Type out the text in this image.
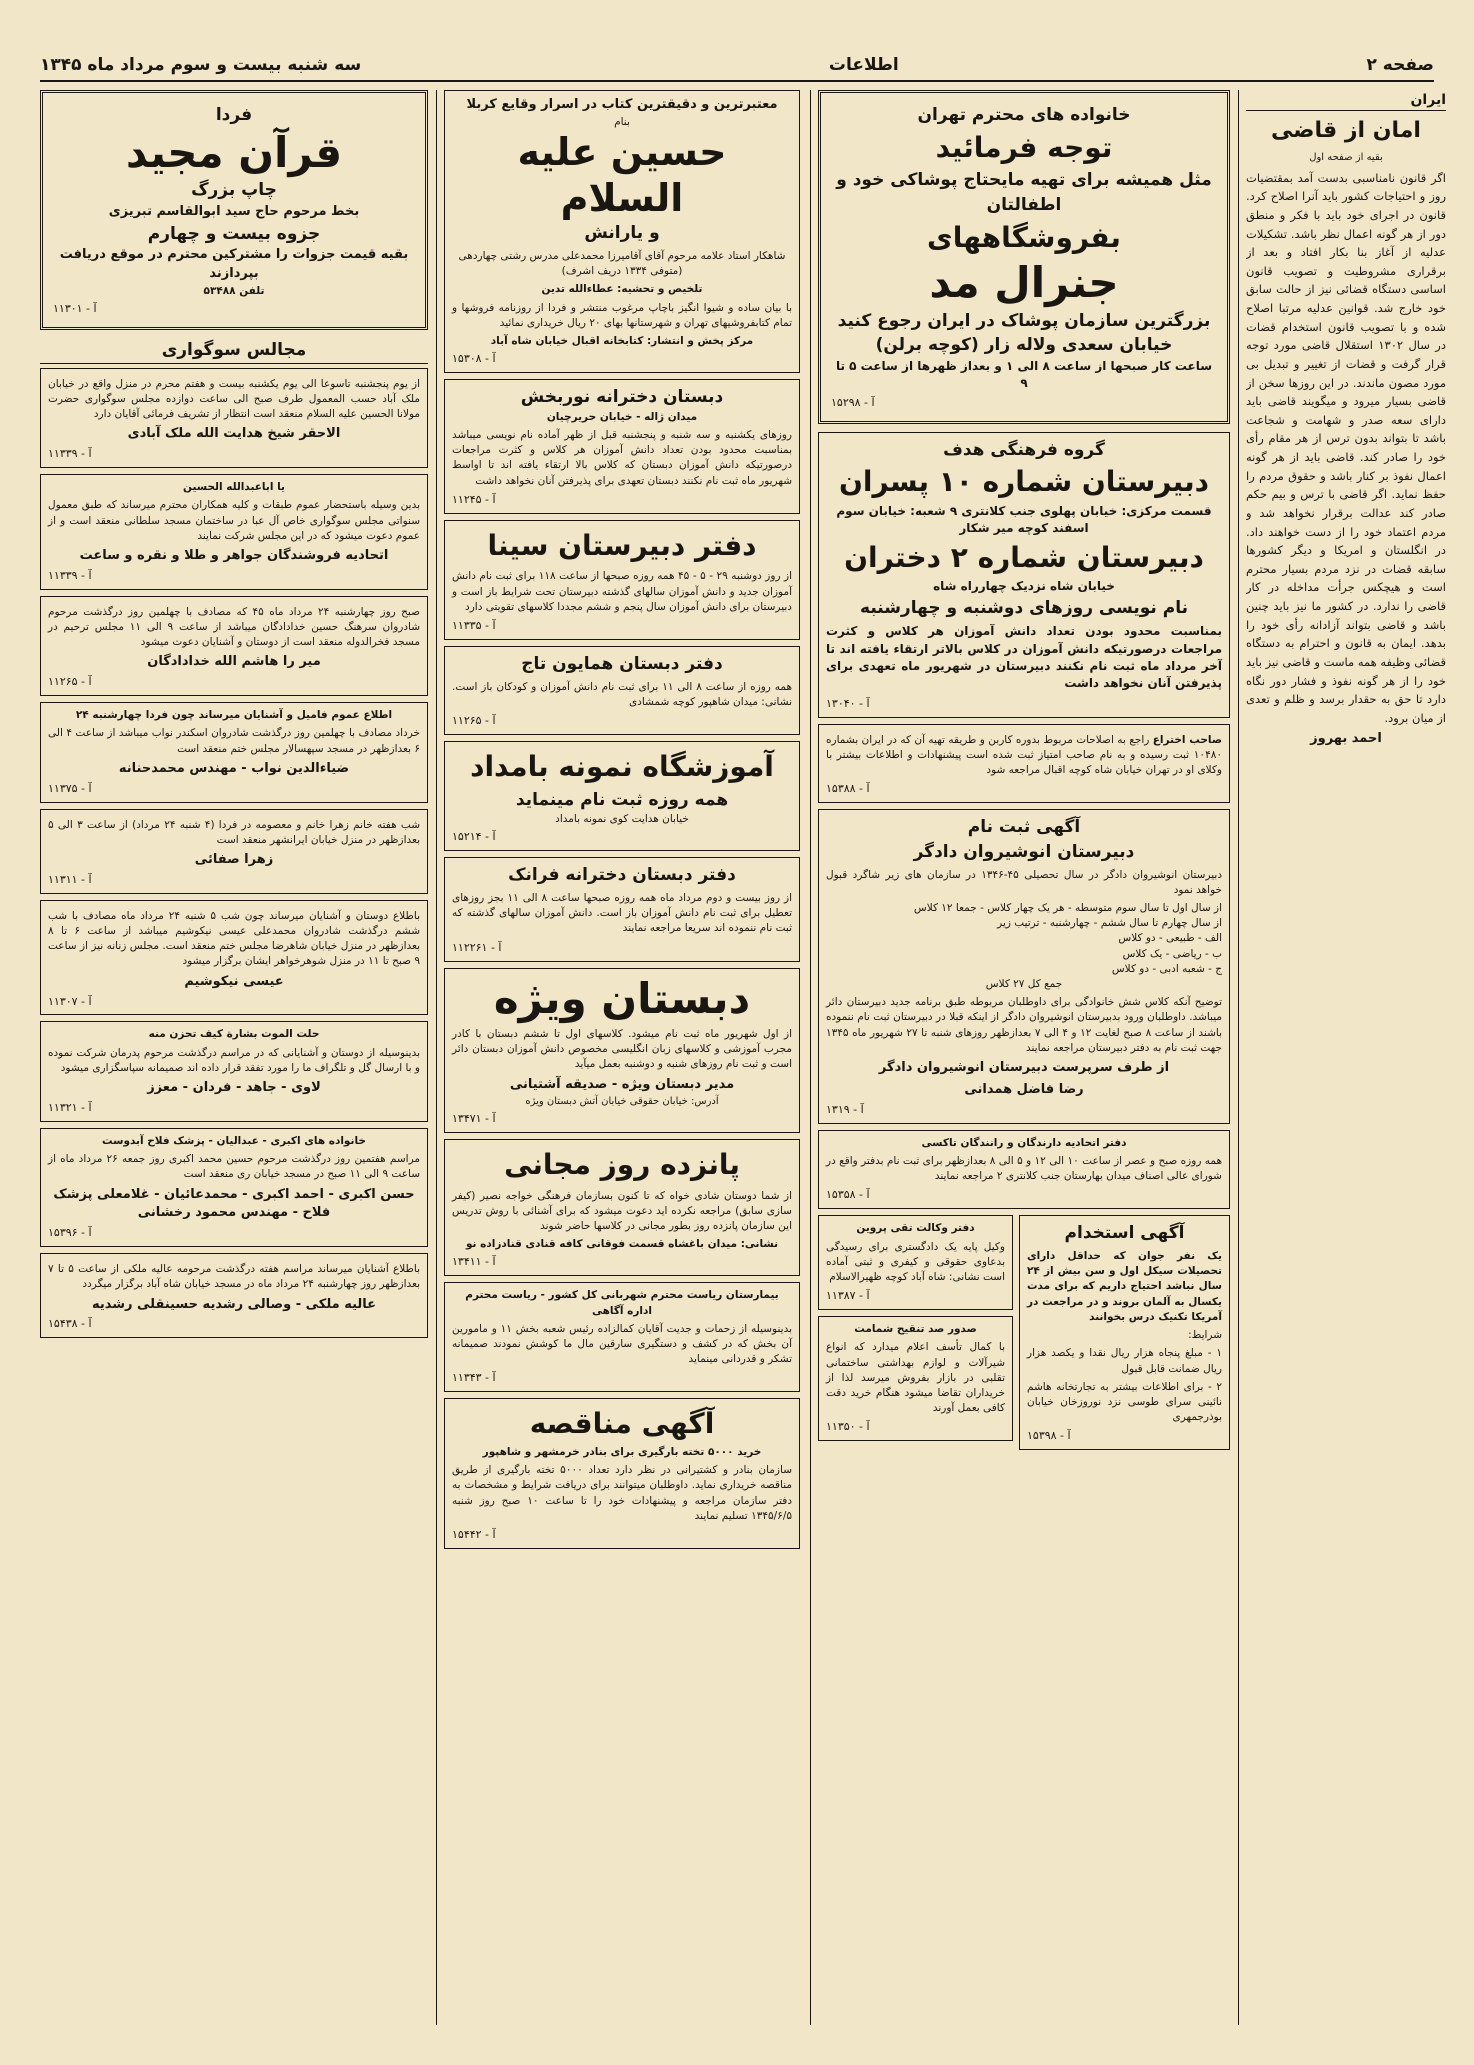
صفحه ۲
اطلاعات
سه شنبه بیست و سوم مرداد ماه ۱۳۴۵
ایران
امان از قاضی
بقیه از صفحه اول

اگر قانون نامناسبی بدست آمد بمقتضیات روز و احتیاجات کشور باید آنرا اصلاح کرد. قانون در اجرای خود باید با فکر و منطق دور از هر گونه اعمال نظر باشد. تشکیلات عدلیه از آغاز بنا بکار افتاد و بعد از برقراری مشروطیت و تصویب قانون اساسی دستگاه قضائی نیز از حالت سابق خود خارج شد. قوانین عدلیه مرتبا اصلاح شده و با تصویب قانون استخدام قضات در سال ۱۳۰۲ استقلال قاضی مورد توجه قرار گرفت و قضات از تغییر و تبدیل بی مورد مصون ماندند. در این روزها سخن از قاضی بسیار میرود و میگویند قاضی باید دارای سعه صدر و شهامت و شجاعت باشد تا بتواند بدون ترس از هر مقام رأی خود را صادر کند. قاضی باید از هر گونه اعمال نفوذ بر کنار باشد و حقوق مردم را حفظ نماید. اگر قاضی با ترس و بیم حکم صادر کند عدالت برقرار نخواهد شد و مردم اعتماد خود را از دست خواهند داد. در انگلستان و امریکا و دیگر کشورها سابقه قضات در نزد مردم بسیار محترم است و هیچکس جرأت مداخله در کار قاضی را ندارد. در کشور ما نیز باید چنین باشد و قاضی بتواند آزادانه رأی خود را بدهد. ایمان به قانون و احترام به دستگاه قضائی وظیفه همه ماست و قاضی نیز باید خود را از هر گونه نفوذ و فشار دور نگاه دارد تا حق به حقدار برسد و ظلم و تعدی از میان برود.

احمد بهروز
خانواده های محترم تهران
توجه فرمائید
مثل همیشه برای تهیه مایحتاج پوشاکی خود و اطفالتان
بفروشگاههای
جنرال مد
بزرگترین سازمان پوشاک در ایران رجوع کنید
خیابان سعدی ولاله زار (کوچه برلن)
ساعت کار صبحها از ساعت ۸ الی ۱ و بعداز ظهرها از ساعت ۵ تا ۹
آ - ۱۵۲۹۸
گروه فرهنگی هدف
دبیرستان شماره ۱۰ پسران
قسمت مرکزی: خیابان پهلوی جنب کلانتری ۹ شعبه: خیابان سوم اسفند کوچه میر شکار
دبیرستان شماره ۲ دختران
خیابان شاه نزدیک چهارراه شاه
نام نویسی روزهای دوشنبه و چهارشنبه

بمناسبت محدود بودن تعداد دانش آموزان هر کلاس و کثرت مراجعات درصورتیکه دانش آموزان در کلاس بالاتر ارتقاء یافته اند تا آخر مرداد ماه ثبت نام نکنند دبیرستان در شهریور ماه تعهدی برای پذیرفتن آنان نخواهد داشت

آ - ۱۳۰۴۰

صاحب اختراع راجع به اصلاحات مربوط بدوره کاربن و طریقه تهیه آن که در ایران بشماره ۱۰۴۸۰ ثبت رسیده و به نام صاحب امتیاز ثبت شده است پیشنهادات و اطلاعات بیشتر با وکلای او در تهران خیابان شاه کوچه اقبال مراجعه شود

آ - ۱۵۳۸۸
آگهی ثبت نام
دبیرستان انوشیروان دادگر

دبیرستان انوشیروان دادگر در سال تحصیلی ۴۵-۱۳۴۶ در سازمان های زیر شاگرد قبول خواهد نمود

از سال اول تا سال سوم متوسطه - هر یک چهار کلاس - جمعا ۱۲ کلاس
از سال چهارم تا سال ششم - چهارشنبه - ترتیب زیر
الف - طبیعی - دو کلاس
ب - ریاضی - یک کلاس
ج - شعبه ادبی - دو کلاس
جمع کل ۲۷ کلاس

توضیح آنکه کلاس شش خانوادگی برای داوطلبان مربوطه طبق برنامه جدید دبیرستان دائر میباشد. داوطلبان ورود بدبیرستان انوشیروان دادگر از اینکه قبلا در دبیرستان ثبت نام ننموده باشند از ساعت ۸ صبح لغایت ۱۲ و ۴ الی ۷ بعدازظهر روزهای شنبه تا ۲۷ شهریور ماه ۱۳۴۵ جهت ثبت نام به دفتر دبیرستان مراجعه نمایند

از طرف سرپرست دبیرستان انوشیروان دادگر
رضا فاضل همدانی
آ - ۱۳۱۹
دفتر اتحادیه دارندگان و رانندگان تاکسی

همه روزه صبح و عصر از ساعت ۱۰ الی ۱۲ و ۵ الی ۸ بعدازظهر برای ثبت نام بدفتر واقع در شورای عالی اصناف میدان بهارستان جنب کلانتری ۲ مراجعه نمایند

آ - ۱۵۳۵۸
آگهی استخدام

یک نفر جوان که حداقل دارای تحصیلات سیکل اول و سن بیش از ۲۴ سال نباشد احتیاج داریم که برای مدت یکسال به آلمان بروند و در مراجعت در آمریکا تکنیک درس بخوانند

شرایط:

۱ - مبلغ پنجاه هزار ریال نقدا و یکصد هزار ریال ضمانت قابل قبول

۲ - برای اطلاعات بیشتر به تجارتخانه هاشم نائینی سرای طوسی نزد نوروزخان خیابان بوذرجمهری

آ - ۱۵۳۹۸
دفتر وکالت تقی پروین

وکیل پایه یک دادگستری برای رسیدگی بدعاوی حقوقی و کیفری و ثبتی آماده است نشانی: شاه آباد کوچه ظهیرالاسلام

آ - ۱۱۳۸۷
صدور صد تنقیح شمامت

با کمال تأسف اعلام میدارد که انواع شیرآلات و لوازم بهداشتی ساختمانی تقلبی در بازار بفروش میرسد لذا از خریداران تقاضا میشود هنگام خرید دقت کافی بعمل آورند

آ - ۱۱۳۵۰
معتبرترین و دقیقترین کتاب در اسرار وقایع کربلا
بنام
حسین علیه السلام
و یارانش

شاهکار استاد علامه مرحوم آقای آقامیرزا محمدعلی مدرس رشتی چهاردهی (متوفی ۱۳۳۴ دریف اشرف)

تلخیص و تحشیه: عطاءالله تدین

با بیان ساده و شیوا انگیز باچاپ مرغوب منتشر و فردا از روزنامه فروشها و تمام کتابفروشیهای تهران و شهرستانها بهای ۲۰ ریال خریداری نمائید

مرکز پخش و انتشار: کتابخانه اقبال خیابان شاه آباد
آ - ۱۵۳۰۸
دبستان دخترانه نوربخش
میدان ژاله - خیابان حریرچیان

روزهای یکشنبه و سه شنبه و پنجشنبه قبل از ظهر آماده نام نویسی میباشد بمناسبت محدود بودن تعداد دانش آموزان هر کلاس و کثرت مراجعات درصورتیکه دانش آموزان دبستان که کلاس بالا ارتقاء یافته اند تا اواسط شهریور ماه ثبت نام نکنند دبستان تعهدی برای پذیرفتن آنان نخواهد داشت

آ - ۱۱۲۴۵
دفتر دبیرستان سینا

از روز دوشنبه ۲۹ - ۵ - ۴۵ همه روزه صبحها از ساعت ۱۱۸ برای ثبت نام دانش آموزان جدید و دانش آموزان سالهای گذشته دبیرستان تحت شرایط باز است و دبیرستان برای دانش آموزان سال پنجم و ششم مجددا کلاسهای تقویتی دارد

آ - ۱۱۳۳۵
دفتر دبستان همایون تاج

همه روزه از ساعت ۸ الی ۱۱ برای ثبت نام دانش آموزان و کودکان باز است. نشانی: میدان شاهپور کوچه شمشادی

آ - ۱۱۲۶۵
آموزشگاه نمونه بامداد
همه روزه ثبت نام مینماید
خیابان هدایت کوی نمونه بامداد
آ - ۱۵۲۱۴
دفتر دبستان دخترانه فرانک

از روز بیست و دوم مرداد ماه همه روزه صبحها ساعت ۸ الی ۱۱ بجز روزهای تعطیل برای ثبت نام دانش آموزان باز است. دانش آموزان سالهای گذشته که ثبت نام ننموده اند سریعا مراجعه نمایند

آ - ۱۱۲۲۶۱
دبستان ویژه

از اول شهریور ماه ثبت نام میشود. کلاسهای اول تا ششم دبستان با کادر مجرب آموزشی و کلاسهای زبان انگلیسی مخصوص دانش آموزان دبستان دائر است و ثبت نام روزهای شنبه و دوشنبه بعمل میآید

مدیر دبستان ویژه - صدیقه آشتیانی
آدرس: خیابان حقوقی خیابان آتش دبستان ویژه
آ - ۱۳۴۷۱
پانزده روز مجانی

از شما دوستان شادی خواه که تا کنون بسازمان فرهنگی خواجه نصیر (کیفر سازی سابق) مراجعه نکرده اید دعوت میشود که برای آشنائی با روش تدریس این سازمان پانزده روز بطور مجانی در کلاسها حاضر شوند

نشانی: میدان باغشاه قسمت فوقانی کافه قنادی قنادزاده نو
آ - ۱۳۴۱۱
بیمارستان ریاست محترم شهربانی کل کشور - ریاست محترم اداره آگاهی

بدینوسیله از زحمات و جدیت آقایان کمالزاده رئیس شعبه بخش ۱۱ و مامورین آن بخش که در کشف و دستگیری سارقین مال ما کوشش نمودند صمیمانه تشکر و قدردانی مینماید

آ - ۱۱۳۴۳
آگهی مناقصه
خرید ۵۰۰۰ تخته بارگیری برای بنادر خرمشهر و شاهپور

سازمان بنادر و کشتیرانی در نظر دارد تعداد ۵۰۰۰ تخته بارگیری از طریق مناقصه خریداری نماید. داوطلبان میتوانند برای دریافت شرایط و مشخصات به دفتر سازمان مراجعه و پیشنهادات خود را تا ساعت ۱۰ صبح روز شنبه ۱۳۴۵/۶/۵ تسلیم نمایند

آ - ۱۵۴۴۲
فردا
قرآن مجید
چاپ بزرگ
بخط مرحوم حاج سید ابوالقاسم تبریزی
جزوه بیست و چهارم
بقیه قیمت جزوات را مشترکین محترم در موقع دریافت بپردازند
تلفن ۵۳۴۸۸
آ - ۱۱۳۰۱
مجالس سوگواری

از یوم پنجشنبه تاسوعا الی یوم یکشنبه بیست و هفتم محرم در منزل واقع در خیابان ملک آباد حسب المعمول طرف صبح الی ساعت دوازده مجلس سوگواری حضرت مولانا الحسین علیه السلام منعقد است انتظار از تشریف فرمائی آقایان دارد

الاحقر شیخ هدایت الله ملک آبادی
آ - ۱۱۳۳۹
یا اباعبدالله الحسین

بدین وسیله باستحضار عموم طبقات و کلیه همکاران محترم میرساند که طبق معمول سنواتی مجلس سوگواری خاص آل عبا در ساختمان مسجد سلطانی منعقد است و از عموم دعوت میشود که در این مجلس شرکت نمایند

اتحادیه فروشندگان جواهر و طلا و نقره و ساعت
آ - ۱۱۳۳۹

صبح روز چهارشنبه ۲۴ مرداد ماه ۴۵ که مصادف با چهلمین روز درگذشت مرحوم شادروان سرهنگ حسین خدادادگان میباشد از ساعت ۹ الی ۱۱ مجلس ترحیم در مسجد فخرالدوله منعقد است از دوستان و آشنایان دعوت میشود

میر را هاشم الله خدادادگان
آ - ۱۱۲۶۵
اطلاع عموم فامیل و آشنایان میرساند چون فردا چهارشنبه ۲۴

خرداد مصادف با چهلمین روز درگذشت شادروان اسکندر نواب میباشد از ساعت ۴ الی ۶ بعدازظهر در مسجد سپهسالار مجلس ختم منعقد است

ضیاءالدین نواب - مهندس محمدحنانه
آ - ۱۱۳۷۵

شب هفته خانم زهرا خانم و معصومه در فردا (۴ شنبه ۲۴ مرداد) از ساعت ۳ الی ۵ بعدازظهر در منزل خیابان ایرانشهر منعقد است

زهرا صفائی
آ - ۱۱۳۱۱

باطلاع دوستان و آشنایان میرساند چون شب ۵ شنبه ۲۴ مرداد ماه مصادف با شب ششم درگذشت شادروان محمدعلی عیسی نیکوشیم میباشد از ساعت ۶ تا ۸ بعدازظهر در منزل خیابان شاهرضا مجلس ختم منعقد است. مجلس زنانه نیز از ساعت ۹ صبح تا ۱۱ در منزل شوهرخواهر ایشان برگزار میشود

عیسی نیکوشیم
آ - ۱۱۳۰۷
حلت الموت بشارة کیف تحزن منه

بدینوسیله از دوستان و آشنایانی که در مراسم درگذشت مرحوم پدرمان شرکت نموده و با ارسال گل و تلگراف ما را مورد تفقد قرار داده اند صمیمانه سپاسگزاری میشود

لاوی - جاهد - فردان - معزز
آ - ۱۱۳۲۱
خانواده های اکبری - عبدالیان - پزشک فلاح آبدوست

مراسم هفتمین روز درگذشت مرحوم حسین محمد اکبری روز جمعه ۲۶ مرداد ماه از ساعت ۹ الی ۱۱ صبح در مسجد خیابان ری منعقد است

حسن اکبری - احمد اکبری - محمدعائیان - غلامعلی پزشک فلاح - مهندس محمود رخشانی
آ - ۱۵۳۹۶

باطلاع آشنایان میرساند مراسم هفته درگذشت مرحومه عالیه ملکی از ساعت ۵ تا ۷ بعدازظهر روز چهارشنبه ۲۴ مرداد ماه در مسجد خیابان شاه آباد برگزار میگردد

عالیه ملکی - وصالی رشدیه حسینقلی رشدیه
آ - ۱۵۴۳۸
